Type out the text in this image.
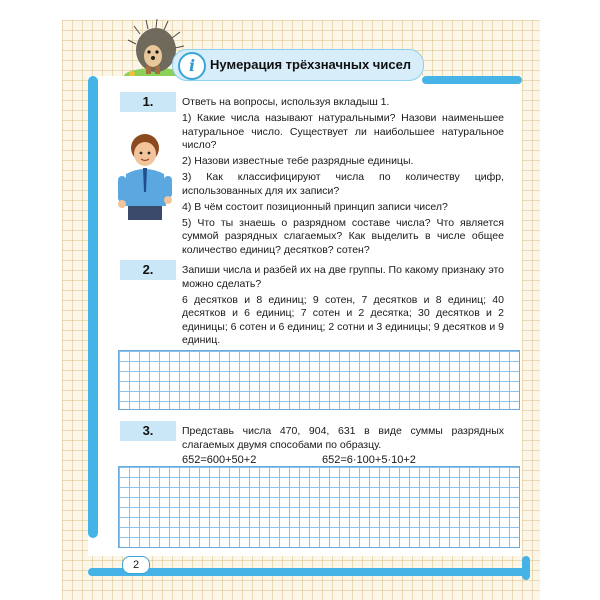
i	Нумерация трёхзначных чисел
1.	Ответь на вопросы, используя вкладыш 1.

1) Какие числа называют натуральными? Назови наименьшее натуральное число. Существует ли наибольшее натуральное число?

2) Назови известные тебе разрядные единицы.

3) Как классифицируют числа по количеству цифр, использованных для их записи?

4) В чём состоит позиционный принцип записи чисел?

5) Что ты знаешь о разрядном составе числа? Что является суммой разрядных слагаемых? Как выделить в числе общее количество единиц? десятков? сотен?

2.	Запиши числа и разбей их на две группы. По какому признаку это можно сделать?

6 десятков и 8 единиц; 9 сотен, 7 десятков и 8 единиц; 40 десятков и 6 единиц; 7 сотен и 2 десятка; 30 десятков и 2 единицы; 6 сотен и 6 единиц; 2 сотни и 3 единицы; 9 десятков и 9 единиц.

3.	Представь числа 470, 904, 631 в виде суммы разрядных слагаемых двумя способами по образцу.

652=600+50+2	652=6·100+5·10+2
2
